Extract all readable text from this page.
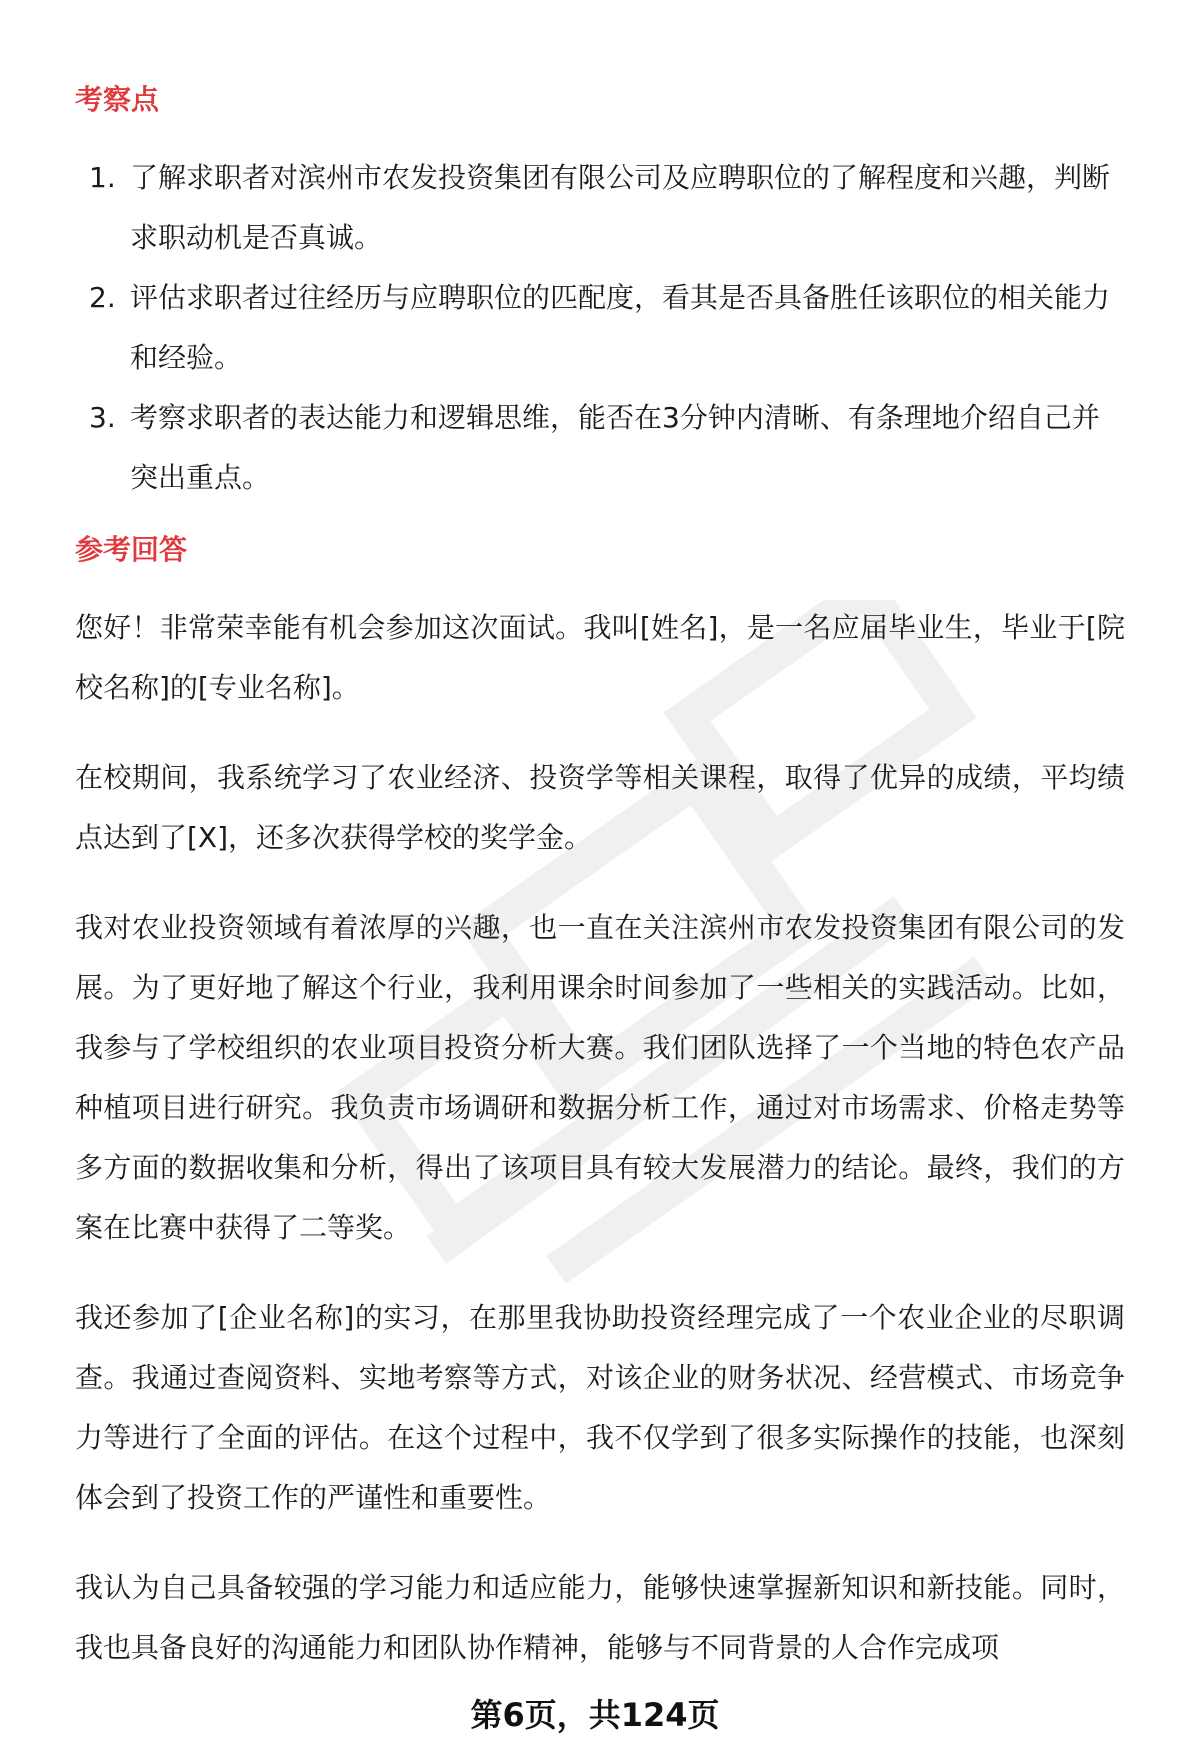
考察点
1. 了解求职者对滨州市农发投资集团有限公司及应聘职位的了解程度和兴趣，判断求职动机是否真诚。
2. 评估求职者过往经历与应聘职位的匹配度，看其是否具备胜任该职位的相关能力和经验。
3. 考察求职者的表达能力和逻辑思维，能否在3分钟内清晰、有条理地介绍自己并突出重点。
参考回答

您好！非常荣幸能有机会参加这次面试。我叫[姓名]，是一名应届毕业生，毕业于[院校名称]的[专业名称]。

在校期间，我系统学习了农业经济、投资学等相关课程，取得了优异的成绩，平均绩点达到了[X]，还多次获得学校的奖学金。

我对农业投资领域有着浓厚的兴趣，也一直在关注滨州市农发投资集团有限公司的发展。为了更好地了解这个行业，我利用课余时间参加了一些相关的实践活动。比如，我参与了学校组织的农业项目投资分析大赛。我们团队选择了一个当地的特色农产品种植项目进行研究。我负责市场调研和数据分析工作，通过对市场需求、价格走势等多方面的数据收集和分析，得出了该项目具有较大发展潜力的结论。最终，我们的方案在比赛中获得了二等奖。

我还参加了[企业名称]的实习，在那里我协助投资经理完成了一个农业企业的尽职调查。我通过查阅资料、实地考察等方式，对该企业的财务状况、经营模式、市场竞争力等进行了全面的评估。在这个过程中，我不仅学到了很多实际操作的技能，也深刻体会到了投资工作的严谨性和重要性。

我认为自己具备较强的学习能力和适应能力，能够快速掌握新知识和新技能。同时，我也具备良好的沟通能力和团队协作精神，能够与不同背景的人合作完成项

第6页，共124页
